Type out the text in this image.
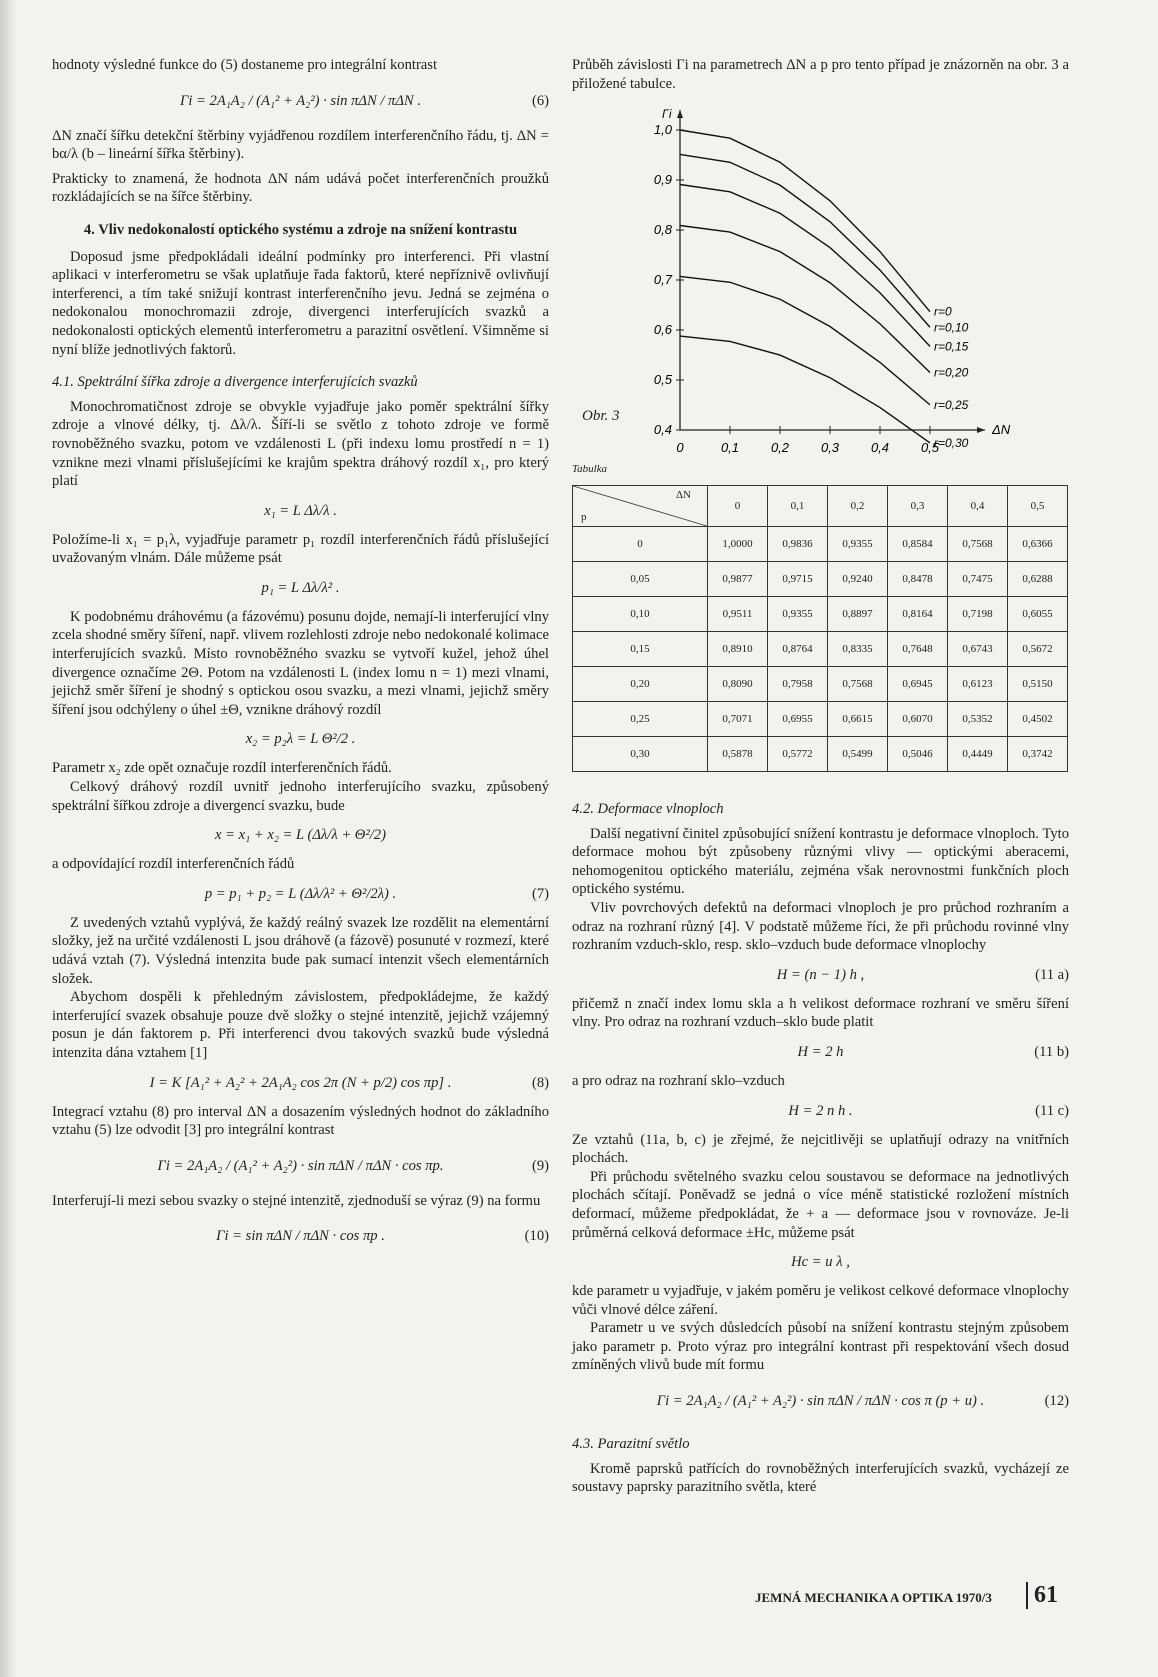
hodnoty výsledné funkce do (5) dostaneme pro integrální kontrast

Γi = 2A₁A₂ / (A₁² + A₂²) · sin πΔN / πΔN .	(6)

ΔN značí šířku detekční štěrbiny vyjádřenou rozdílem interferenčního řádu, tj. ΔN = bα/λ (b – lineární šířka štěrbiny).

Prakticky to znamená, že hodnota ΔN nám udává počet interferenčních proužků rozkládajících se na šířce štěrbiny.

4. Vliv nedokonalostí optického systému a zdroje na snížení kontrastu

Doposud jsme předpokládali ideální podmínky pro interferenci. Při vlastní aplikaci v interferometru se však uplatňuje řada faktorů, které nepříznivě ovlivňují interferenci, a tím také snižují kontrast interferenčního jevu. Jedná se zejména o nedokonalou monochromazii zdroje, divergenci interferujících svazků a nedokonalosti optických elementů interferometru a parazitní osvětlení. Všimněme si nyní blíže jednotlivých faktorů.

4.1. Spektrální šířka zdroje a divergence interferujících svazků

Monochromatičnost zdroje se obvykle vyjadřuje jako poměr spektrální šířky zdroje a vlnové délky, tj. Δλ/λ. Šíří-li se světlo z tohoto zdroje ve formě rovnoběžného svazku, potom ve vzdálenosti L (při indexu lomu prostředí n = 1) vznikne mezi vlnami příslušejícími ke krajům spektra dráhový rozdíl x₁, pro který platí

x₁ = L Δλ/λ .

Položíme-li x₁ = p₁λ, vyjadřuje parametr p₁ rozdíl interferenčních řádů příslušející uvažovaným vlnám. Dále můžeme psát

p₁ = L Δλ/λ² .

K podobnému dráhovému (a fázovému) posunu dojde, nemají-li interferující vlny zcela shodné směry šíření, např. vlivem rozlehlosti zdroje nebo nedokonalé kolimace interferujících svazků. Místo rovnoběžného svazku se vytvoří kužel, jehož úhel divergence označíme 2Θ. Potom na vzdálenosti L (index lomu n = 1) mezi vlnami, jejichž směr šíření je shodný s optickou osou svazku, a mezi vlnami, jejichž směry šíření jsou odchýleny o úhel ±Θ, vznikne dráhový rozdíl

x₂ = p₂λ = L Θ²/2 .

Parametr x₂ zde opět označuje rozdíl interferenčních řádů.

Celkový dráhový rozdíl uvnitř jednoho interferujícího svazku, způsobený spektrální šířkou zdroje a divergencí svazku, bude

x = x₁ + x₂ = L (Δλ/λ + Θ²/2)

a odpovídající rozdíl interferenčních řádů

p = p₁ + p₂ = L (Δλ/λ² + Θ²/2λ) .	(7)

Z uvedených vztahů vyplývá, že každý reálný svazek lze rozdělit na elementární složky, jež na určité vzdálenosti L jsou dráhově (a fázově) posunuté v rozmezí, které udává vztah (7). Výsledná intenzita bude pak sumací intenzit všech elementárních složek.

Abychom dospěli k přehledným závislostem, předpokládejme, že každý interferující svazek obsahuje pouze dvě složky o stejné intenzitě, jejichž vzájemný posun je dán faktorem p. Při interferenci dvou takových svazků bude výsledná intenzita dána vztahem [1]

I = K [A₁² + A₂² + 2A₁A₂ cos 2π (N + p/2) cos πp] .	(8)

Integrací vztahu (8) pro interval ΔN a dosazením výsledných hodnot do základního vztahu (5) lze odvodit [3] pro integrální kontrast

Γi = 2A₁A₂ / (A₁² + A₂²) · sin πΔN / πΔN · cos πp.	(9)

Interferují-li mezi sebou svazky o stejné intenzitě, zjednoduší se výraz (9) na formu

Γi = sin πΔN / πΔN · cos πp .	(10)

Průběh závislosti Γi na parametrech ΔN a p pro tento případ je znázorněn na obr. 3 a přiložené tabulce.

ΔN
Γi
1,0
0,9
0,8
0,7
0,6
0,5
0,4
0	0,1 0,2 0,3 0,4 0,5
r=0
r=0,10
r=0,15
r=0,20
r=0,25
r=0,30
Obr. 3
Tabulka
ΔN
p	0	0,1	0,2	0,3	0,4	0,5
0	1,0000	0,9836	0,9355	0,8584	0,7568	0,6366
0,05	0,9877	0,9715	0,9240	0,8478	0,7475	0,6288
0,10	0,9511	0,9355	0,8897	0,8164	0,7198	0,6055
0,15	0,8910	0,8764	0,8335	0,7648	0,6743	0,5672
0,20	0,8090	0,7958	0,7568	0,6945	0,6123	0,5150
0,25	0,7071	0,6955	0,6615	0,6070	0,5352	0,4502
0,30	0,5878	0,5772	0,5499	0,5046	0,4449	0,3742

4.2. Deformace vlnoploch

Další negativní činitel způsobující snížení kontrastu je deformace vlnoploch. Tyto deformace mohou být způsobeny různými vlivy — optickými aberacemi, nehomogenitou optického materiálu, zejména však nerovnostmi funkčních ploch optického systému.

Vliv povrchových defektů na deformaci vlnoploch je pro průchod rozhraním a odraz na rozhraní různý [4]. V podstatě můžeme říci, že při průchodu rovinné vlny rozhraním vzduch-sklo, resp. sklo–vzduch bude deformace vlnoplochy

H = (n − 1) h ,	(11 a)

přičemž n značí index lomu skla a h velikost deformace rozhraní ve směru šíření vlny. Pro odraz na rozhraní vzduch–sklo bude platit

H = 2 h	(11 b)

a pro odraz na rozhraní sklo–vzduch

H = 2 n h .	(11 c)

Ze vztahů (11a, b, c) je zřejmé, že nejcitlivěji se uplatňují odrazy na vnitřních plochách.

Při průchodu světelného svazku celou soustavou se deformace na jednotlivých plochách sčítají. Poněvadž se jedná o více méně statistické rozložení místních deformací, můžeme předpokládat, že + a — deformace jsou v rovnováze. Je-li průměrná celková deformace ±Hc, můžeme psát

Hc = u λ ,

kde parametr u vyjadřuje, v jakém poměru je velikost celkové deformace vlnoplochy vůči vlnové délce záření.

Parametr u ve svých důsledcích působí na snížení kontrastu stejným způsobem jako parametr p. Proto výraz pro integrální kontrast při respektování všech dosud zmíněných vlivů bude mít formu

Γi = 2A₁A₂ / (A₁² + A₂²) · sin πΔN / πΔN · cos π (p + u) .	(12)

4.3. Parazitní světlo

Kromě paprsků patřících do rovnoběžných interferujících svazků, vycházejí ze soustavy paprsky parazitního světla, které

JEMNÁ MECHANIKA A OPTIKA 1970/3	61
